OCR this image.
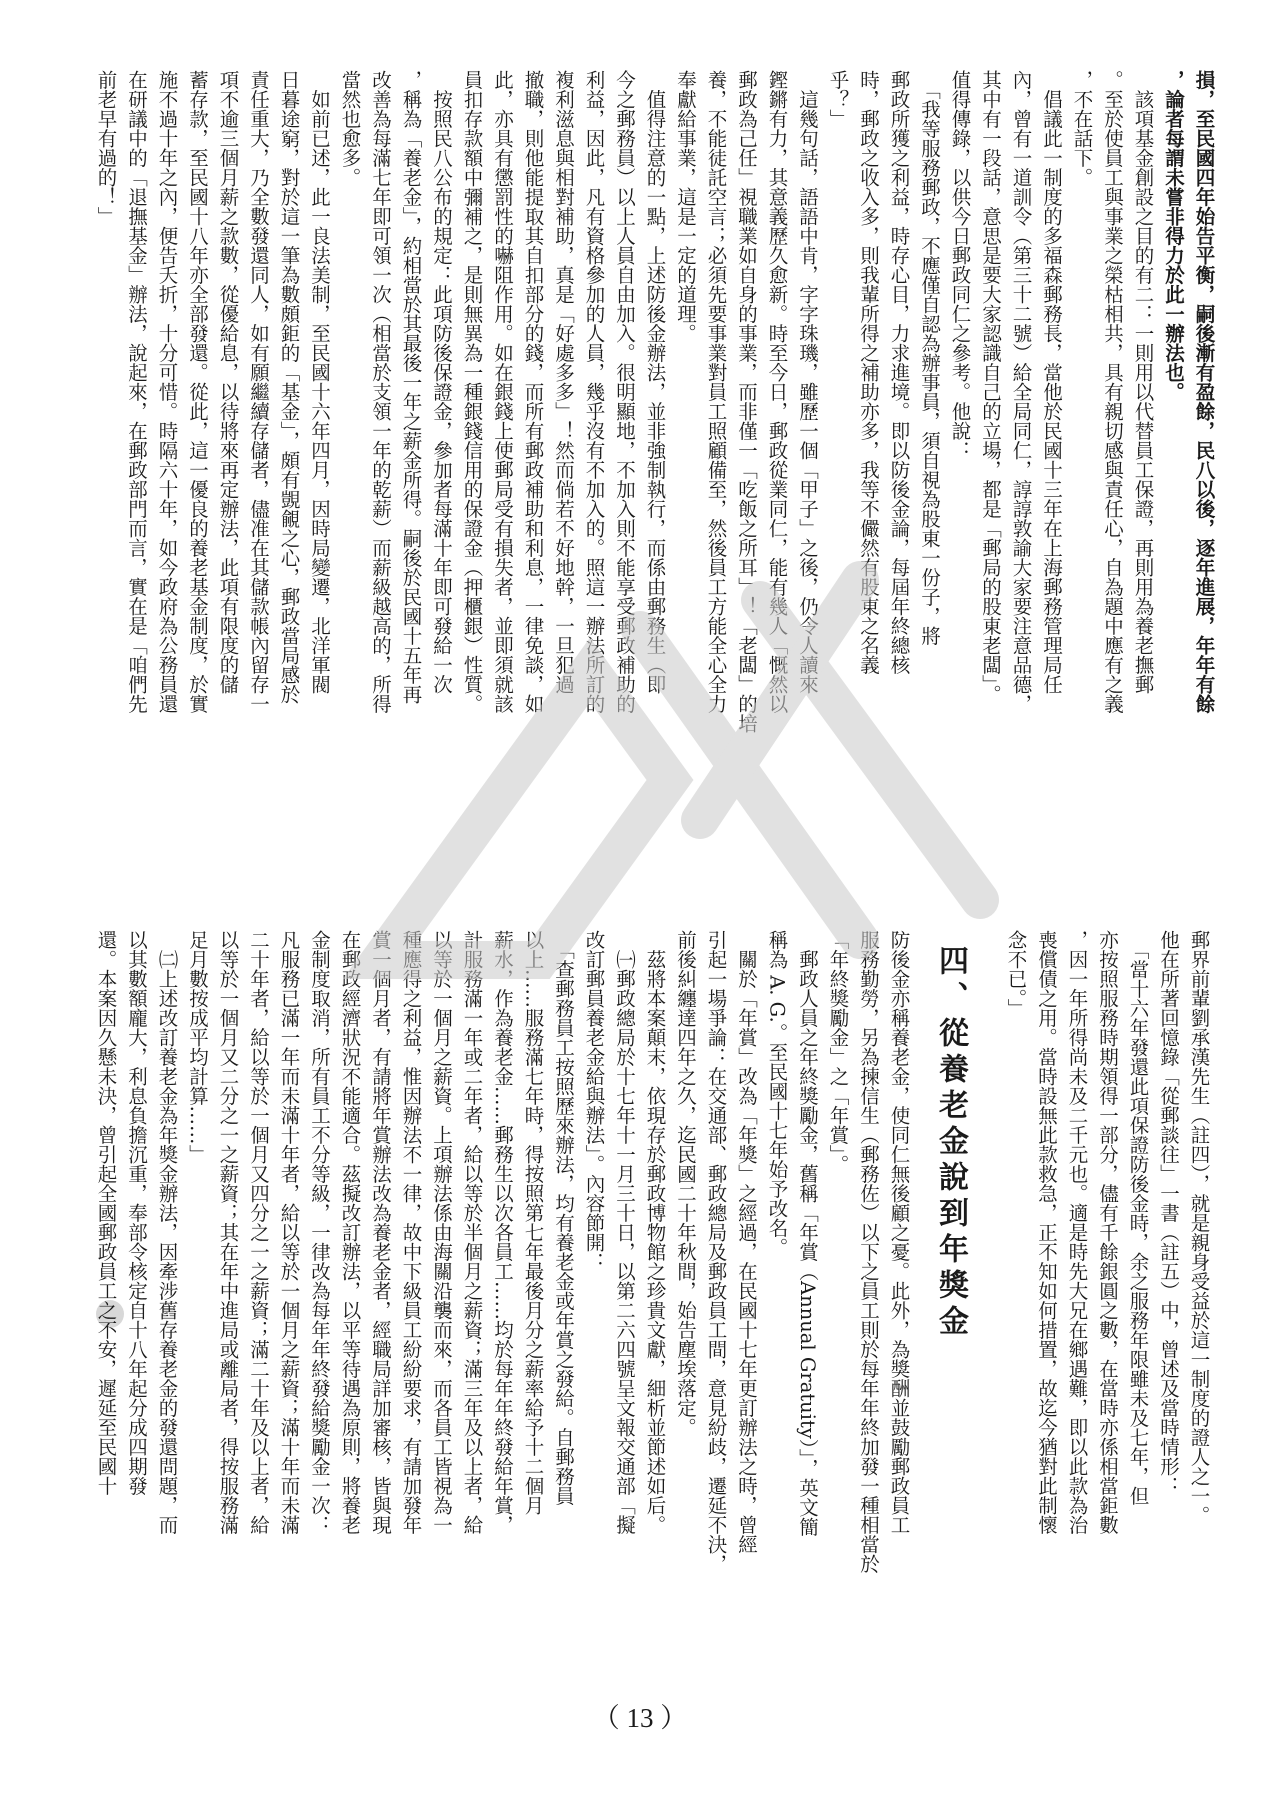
損，至民國四年始告平衡，嗣後漸有盈餘，民八以後，逐年進展，年年有餘
，論者每謂未嘗非得力於此一辦法也。
　該項基金創設之目的有二：一則用以代替員工保證，再則用為養老撫郵
。至於使員工與事業之榮枯相共，具有親切感與責任心，自為題中應有之義
，不在話下。
　倡議此一制度的多福森郵務長，當他於民國十三年在上海郵務管理局任
內，曾有一道訓令（第三十二號）給全局同仁，諄諄敦諭大家要注意品德，
其中有一段話，意思是要大家認識自己的立場，都是「郵局的股東老闆」。
值得傳錄，以供今日郵政同仁之參考。他說：
　「我等服務郵政，不應僅自認為辦事員，須自視為股東一份子，將
郵政所獲之利益，時存心目，力求進境。即以防後金論，每屆年終總核
時，郵政之收入多，則我輩所得之補助亦多，我等不儼然有股東之名義
乎？」
　這幾句話，語語中肯，字字珠璣，雖歷一個「甲子」之後，仍令人讀來
鏗鏘有力，其意義歷久愈新。時至今日，郵政從業同仁，能有幾人「慨然以
郵政為己任」視職業如自身的事業，而非僅一「吃飯之所耳」！「老闆」的培
養，不能徒託空言；必須先要事業對員工照顧備至，然後員工方能全心全力
奉獻給事業，這是一定的道理。
　值得注意的一點，上述防後金辦法，並非強制執行，而係由郵務生（即
今之郵務員）以上人員自由加入。很明顯地，不加入則不能享受郵政補助的
利益，因此，凡有資格參加的人員，幾乎沒有不加入的。照這一辦法所訂的
複利滋息與相對補助，真是「好處多多」！然而倘若不好地幹，一旦犯過
撤職，則他能提取其自扣部分的錢，而所有郵政補助和利息，一律免談，如
此，亦具有懲罰性的嚇阻作用。如在銀錢上使郵局受有損失者，並即須就該
員扣存款額中彌補之，是則無異為一種銀錢信用的保證金（押櫃銀）性質。
　按照民八公布的規定：此項防後保證金，參加者每滿十年即可發給一次
，稱為「養老金」，約相當於其最後一年之薪金所得。嗣後於民國十五年再
改善為每滿七年即可領一次（相當於支領一年的乾薪）而薪級越高的，所得
當然也愈多。
　如前已述，此一良法美制，至民國十六年四月，因時局變遷，北洋軍閥
日暮途窮，對於這一筆為數頗鉅的「基金」，頗有覬覦之心，郵政當局感於
責任重大，乃全數發還同人，如有願繼續存儲者，儘准在其儲款帳內留存一
項不逾三個月薪之款數，從優給息，以待將來再定辦法，此項有限度的儲
蓄存款，至民國十八年亦全部發還。從此，這一優良的養老基金制度，於實
施不過十年之內，便告夭折，十分可惜。時隔六十年，如今政府為公務員還
在研議中的「退撫基金」辦法，說起來，在郵政部門而言，實在是「咱們先
前老早有過的！」
郵界前輩劉承漢先生（註四），就是親身受益於這一制度的證人之一。
他在所著回憶錄「從郵談往」一書（註五）中，曾述及當時情形：
　「當十六年發還此項保證防後金時，余之服務年限雖未及七年，但
亦按照服務時期領得一部分，儘有千餘銀圓之數，在當時亦係相當鉅數
，因一年所得尚未及二千元也。適是時先大兄在鄉遇難，即以此款為治
喪償債之用。當時設無此款救急，正不知如何措置，故迄今猶對此制懷
念不已。」
四、從養老金說到年獎金
防後金亦稱養老金，使同仁無後顧之憂。此外，為獎酬並鼓勵郵政員工
服務勤勞，另為揀信生（郵務佐）以下之員工則於每年年終加發一種相當於
「年終獎勵金」之「年賞」。
　郵政人員之年終獎勵金，舊稱「年賞（Annual Gratuity）」，英文簡
稱為 A. G.。至民國十七年始予改名。
　關於「年賞」改為「年獎」之經過，在民國十七年更訂辦法之時，曾經
引起一場爭論：在交通部、郵政總局及郵政員工間，意見紛歧，遷延不決，
前後糾纏達四年之久，迄民國二十年秋間，始告塵埃落定。
　茲將本案顛末，依現存於郵政博物館之珍貴文獻，細析並節述如后。
　㈠郵政總局於十七年十一月三十日，以第二六四號呈文報交通部「擬
改訂郵員養老金給與辦法」。內容節開：
　「查郵務員工按照歷來辦法，均有養老金或年賞之發給。自郵務員
以上……服務滿七年時，得按照第七年最後月分之薪率給予十二個月
薪水，作為養老金……郵務生以次各員工……均於每年年終發給年賞，
計服務滿一年或二年者，給以等於半個月之薪資；滿三年及以上者，給
以等於一個月之薪資。上項辦法係由海關沿襲而來，而各員工皆視為一
種應得之利益，惟因辦法不一律，故中下級員工紛紛要求，有請加發年
賞一個月者，有請將年賞辦法改為養老金者，經職局詳加審核，皆與現
在郵政經濟狀況不能適合。茲擬改訂辦法，以平等待遇為原則，將養老
金制度取消，所有員工不分等級，一律改為每年年終發給獎勵金一次：
凡服務已滿一年而未滿十年者，給以等於一個月之薪資；滿十年而未滿
二十年者，給以等於一個月又四分之一之薪資；滿二十年及以上者，給
以等於一個月又二分之一之薪資；其在年中進局或離局者，得按服務滿
足月數按成平均計算……」
　㈡上述改訂養老金為年獎金辦法，因牽涉舊存養老金的發還問題，而
以其數額龐大，利息負擔沉重，奉部令核定自十八年起分成四期發
還。本案因久懸未決，曾引起全國郵政員工之不安，遲延至民國十
（ 13 ）
